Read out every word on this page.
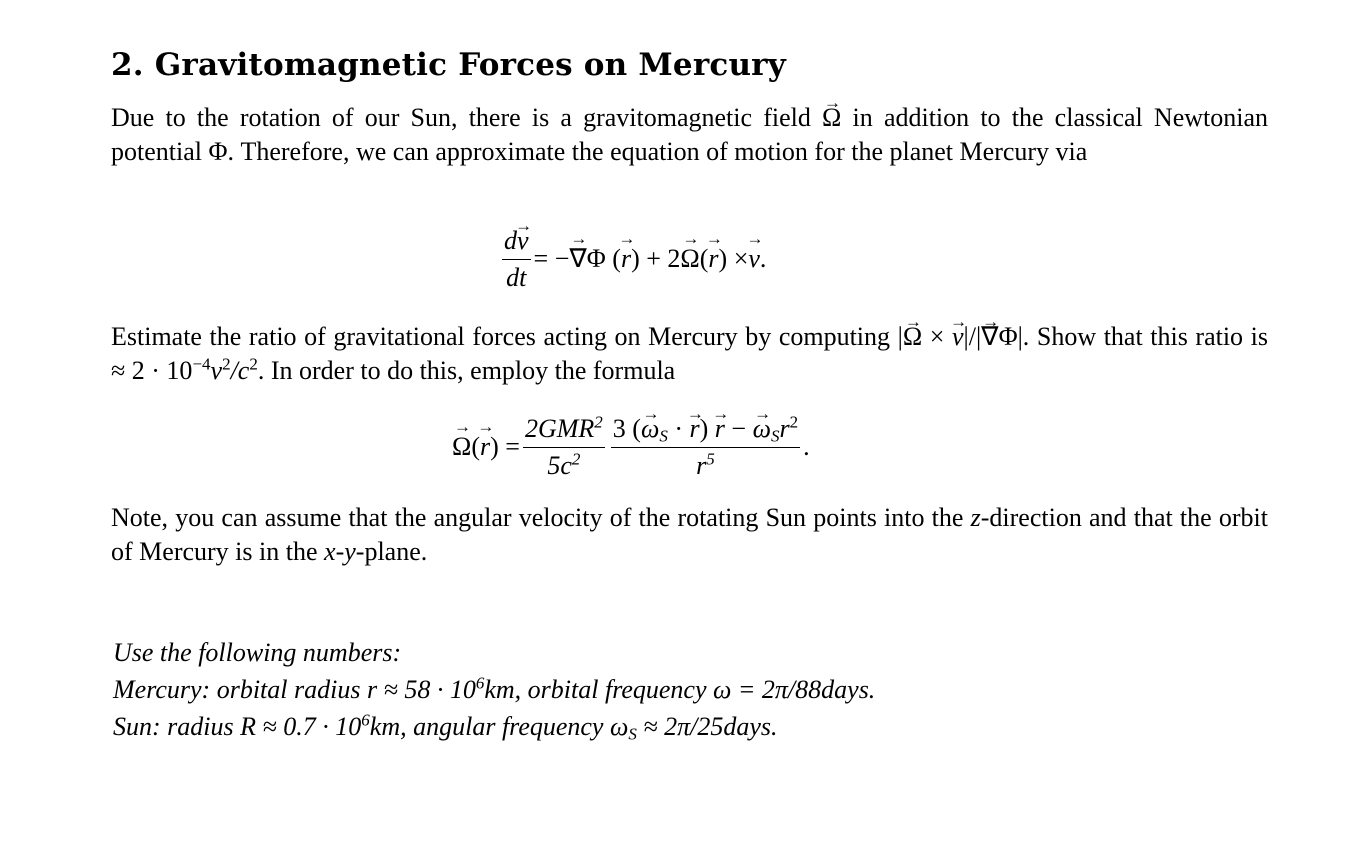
2. Gravitomagnetic Forces on Mercury
Due to the rotation of our Sun, there is a gravitomagnetic field → Ω in addition to the classical Newtonian potential Φ. Therefore, we can approximate the equation of motion for the planet Mercury via
$\frac{d\to v}{dt}$ = − → ∇ Φ ( → r ) + 2 → Ω ( → r ) × → v .
Estimate the ratio of gravitational forces acting on Mercury by computing |→ Ω × → v|/|→ ∇Φ|. Show that this ratio is ≈ $2 \cdot 10^{-4}v^2/c^2$. In order to do this, employ the formula
→ Ω ( → r ) = $\frac{2GMR^2}{5c^2} \frac{3 (\to \omega_S \cdot \to r) \to r - \to \omega_Sr^2}{r^5}$ .
Note, you can assume that the angular velocity of the rotating Sun points into the z-direction and that the orbit of Mercury is in the x-y-plane.
Use the following numbers:
Mercury: orbital radius $r \approx 58 \cdot 10^6km$, orbital frequency ω = 2π/88days.
Sun: radius $R \approx 0.7 \cdot 10^6km$, angular frequency $\omega_S$ ≈ 2π/25days.
